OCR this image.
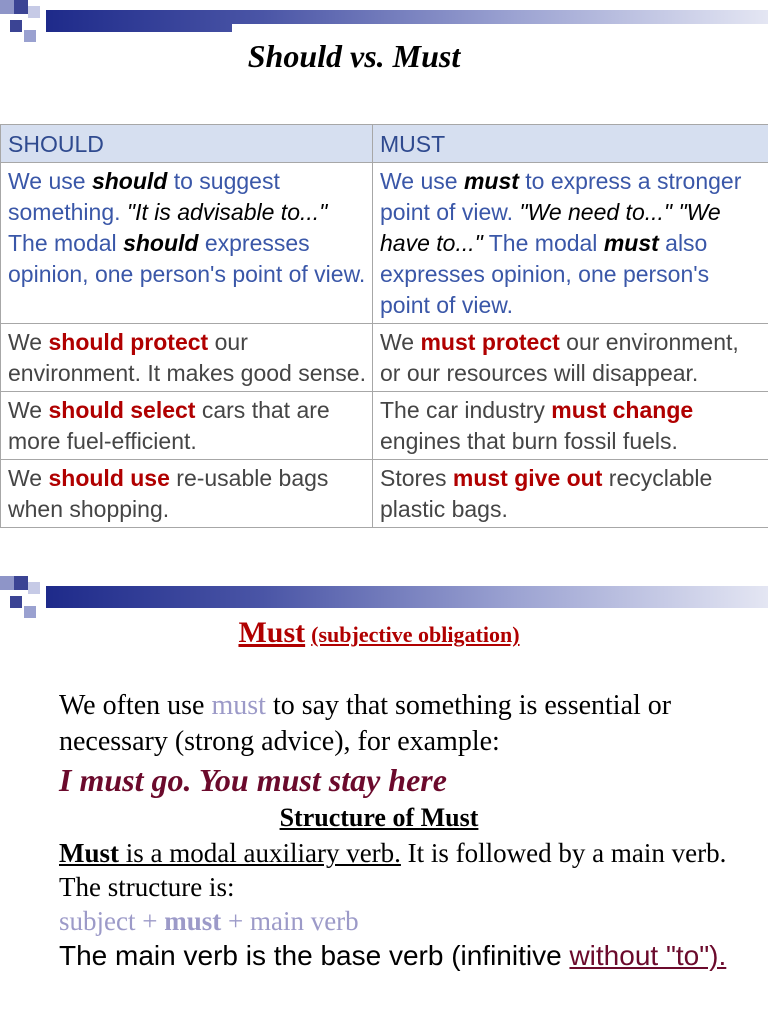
Should vs. Must
SHOULD	MUST
We use should to suggest something. "It is advisable to..." The modal should expresses opinion, one person's point of view.	We use must to express a stronger point of view. "We need to..." "We have to..." The modal must also expresses opinion, one person's point of view.
We should protect our environment. It makes good sense.	We must protect our environment, or our resources will disappear.
We should select cars that are more fuel-efficient.	The car industry must change engines that burn fossil fuels.
We should use re-usable bags when shopping.	Stores must give out recyclable plastic bags.
Must (subjective obligation)

We often use must to say that something is essential or necessary (strong advice), for example:

I must go. You must stay here

Structure of Must

Must is a modal auxiliary verb. It is followed by a main verb. The structure is:

subject + must + main verb

The main verb is the base verb (infinitive without "to").
